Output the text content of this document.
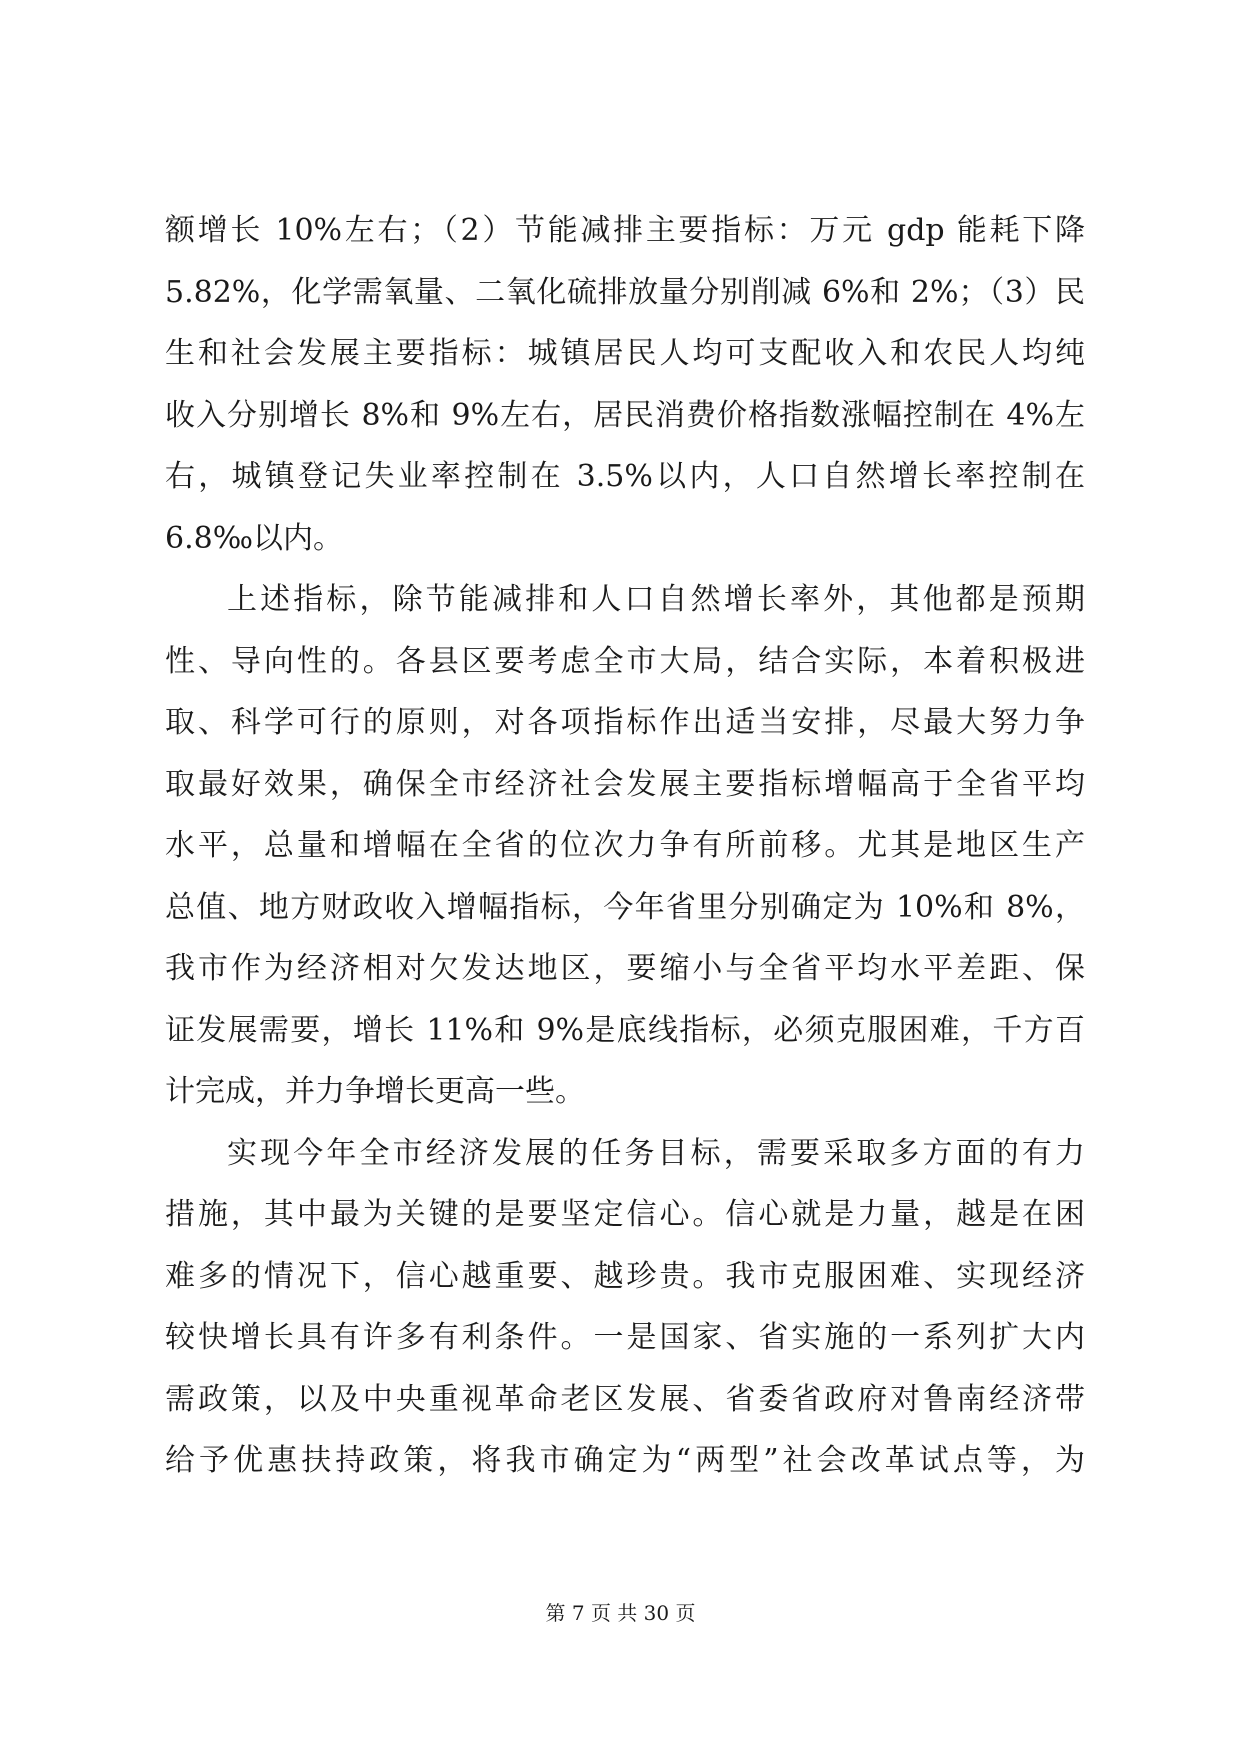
额增长 10%左右；（2）节能减排主要指标：万元 gdp 能耗下降
5.82%，化学需氧量、二氧化硫排放量分别削减 6%和 2%；（3）民
生和社会发展主要指标：城镇居民人均可支配收入和农民人均纯
收入分别增长 8%和 9%左右，居民消费价格指数涨幅控制在 4%左
右，城镇登记失业率控制在 3.5%以内，人口自然增长率控制在
6.8‰以内。
上述指标，除节能减排和人口自然增长率外，其他都是预期
性、导向性的。各县区要考虑全市大局，结合实际，本着积极进
取、科学可行的原则，对各项指标作出适当安排，尽最大努力争
取最好效果，确保全市经济社会发展主要指标增幅高于全省平均
水平，总量和增幅在全省的位次力争有所前移。尤其是地区生产
总值、地方财政收入增幅指标，今年省里分别确定为 10%和 8%，
我市作为经济相对欠发达地区，要缩小与全省平均水平差距、保
证发展需要，增长 11%和 9%是底线指标，必须克服困难，千方百
计完成，并力争增长更高一些。
实现今年全市经济发展的任务目标，需要采取多方面的有力
措施，其中最为关键的是要坚定信心。信心就是力量，越是在困
难多的情况下，信心越重要、越珍贵。我市克服困难、实现经济
较快增长具有许多有利条件。一是国家、省实施的一系列扩大内
需政策，以及中央重视革命老区发展、省委省政府对鲁南经济带
给予优惠扶持政策，将我市确定为“两型”社会改革试点等，为
第 7 页 共 30 页
